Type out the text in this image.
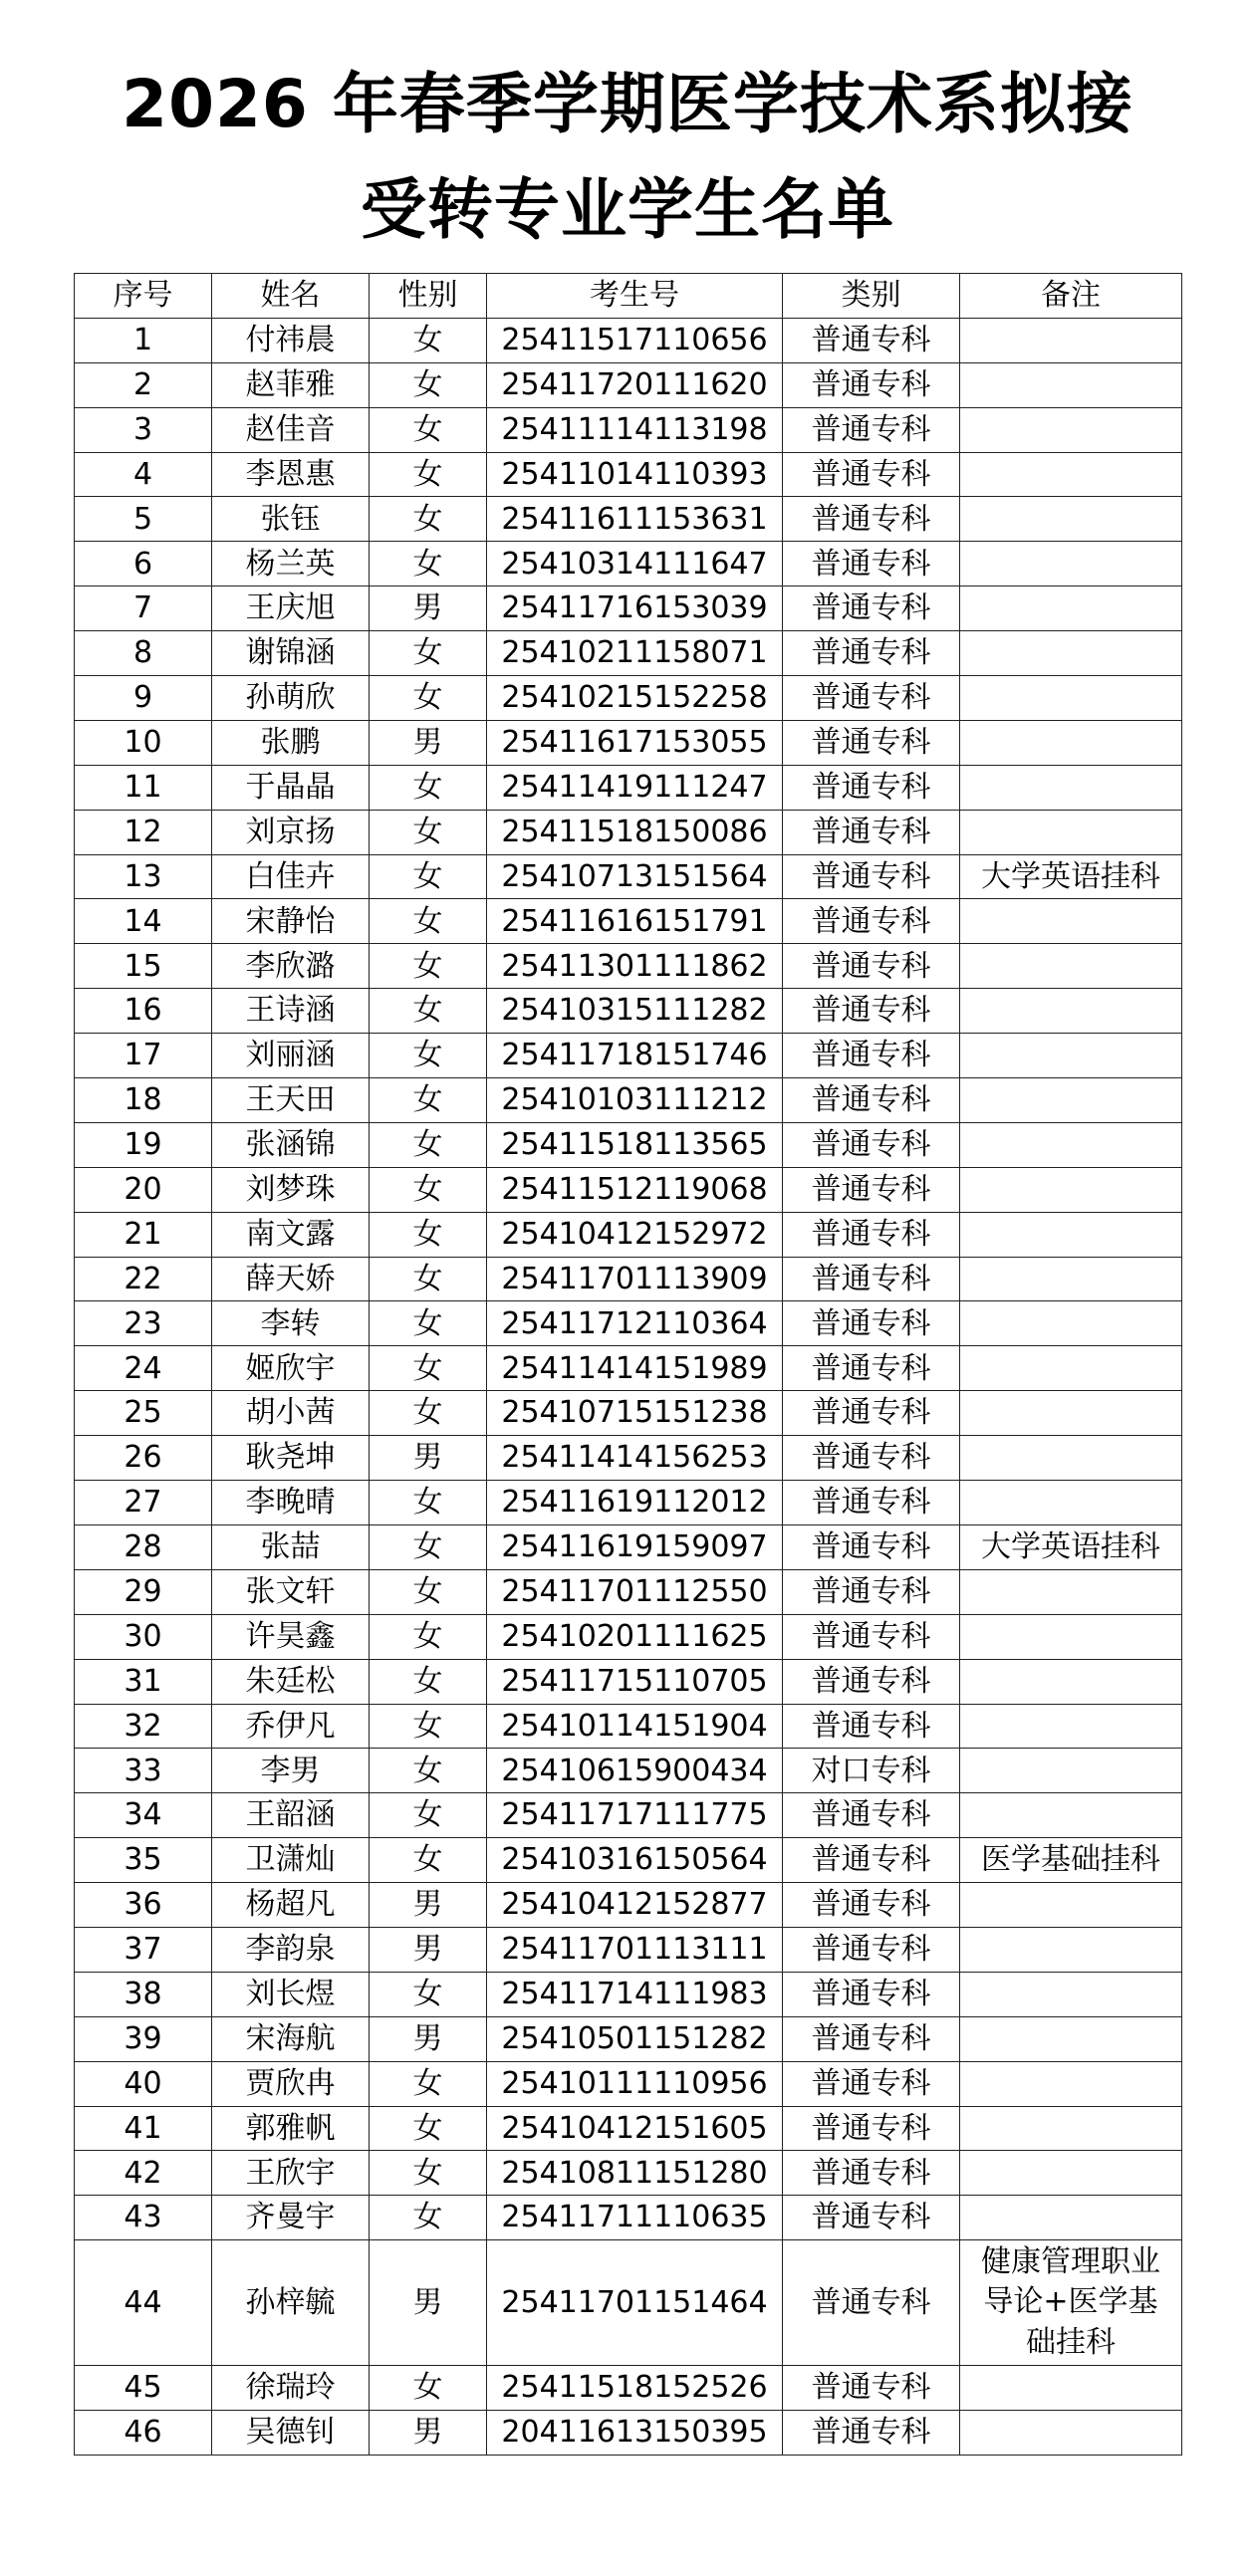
2026 年春季学期医学技术系拟接
受转专业学生名单
序号	姓名	性别	考生号	类别	备注
1	付祎晨	女	25411517110656	普通专科	
2	赵菲雅	女	25411720111620	普通专科	
3	赵佳音	女	25411114113198	普通专科	
4	李恩惠	女	25411014110393	普通专科	
5	张钰	女	25411611153631	普通专科	
6	杨兰英	女	25410314111647	普通专科	
7	王庆旭	男	25411716153039	普通专科	
8	谢锦涵	女	25410211158071	普通专科	
9	孙萌欣	女	25410215152258	普通专科	
10	张鹏	男	25411617153055	普通专科	
11	于晶晶	女	25411419111247	普通专科	
12	刘京扬	女	25411518150086	普通专科	
13	白佳卉	女	25410713151564	普通专科	大学英语挂科
14	宋静怡	女	25411616151791	普通专科	
15	李欣潞	女	25411301111862	普通专科	
16	王诗涵	女	25410315111282	普通专科	
17	刘丽涵	女	25411718151746	普通专科	
18	王天田	女	25410103111212	普通专科	
19	张涵锦	女	25411518113565	普通专科	
20	刘梦珠	女	25411512119068	普通专科	
21	南文露	女	25410412152972	普通专科	
22	薛天娇	女	25411701113909	普通专科	
23	李转	女	25411712110364	普通专科	
24	姬欣宇	女	25411414151989	普通专科	
25	胡小茜	女	25410715151238	普通专科	
26	耿尧坤	男	25411414156253	普通专科	
27	李晚晴	女	25411619112012	普通专科	
28	张喆	女	25411619159097	普通专科	大学英语挂科
29	张文轩	女	25411701112550	普通专科	
30	许昊鑫	女	25410201111625	普通专科	
31	朱廷松	女	25411715110705	普通专科	
32	乔伊凡	女	25410114151904	普通专科	
33	李男	女	25410615900434	对口专科	
34	王韶涵	女	25411717111775	普通专科	
35	卫潇灿	女	25410316150564	普通专科	医学基础挂科
36	杨超凡	男	25410412152877	普通专科	
37	李韵泉	男	25411701113111	普通专科	
38	刘长煜	女	25411714111983	普通专科	
39	宋海航	男	25410501151282	普通专科	
40	贾欣冉	女	25410111110956	普通专科	
41	郭雅帆	女	25410412151605	普通专科	
42	王欣宇	女	25410811151280	普通专科	
43	齐曼宇	女	25411711110635	普通专科	
44	孙梓毓	男	25411701151464	普通专科	健康管理职业
导论+医学基
础挂科
45	徐瑞玲	女	25411518152526	普通专科	
46	吴德钊	男	20411613150395	普通专科	
